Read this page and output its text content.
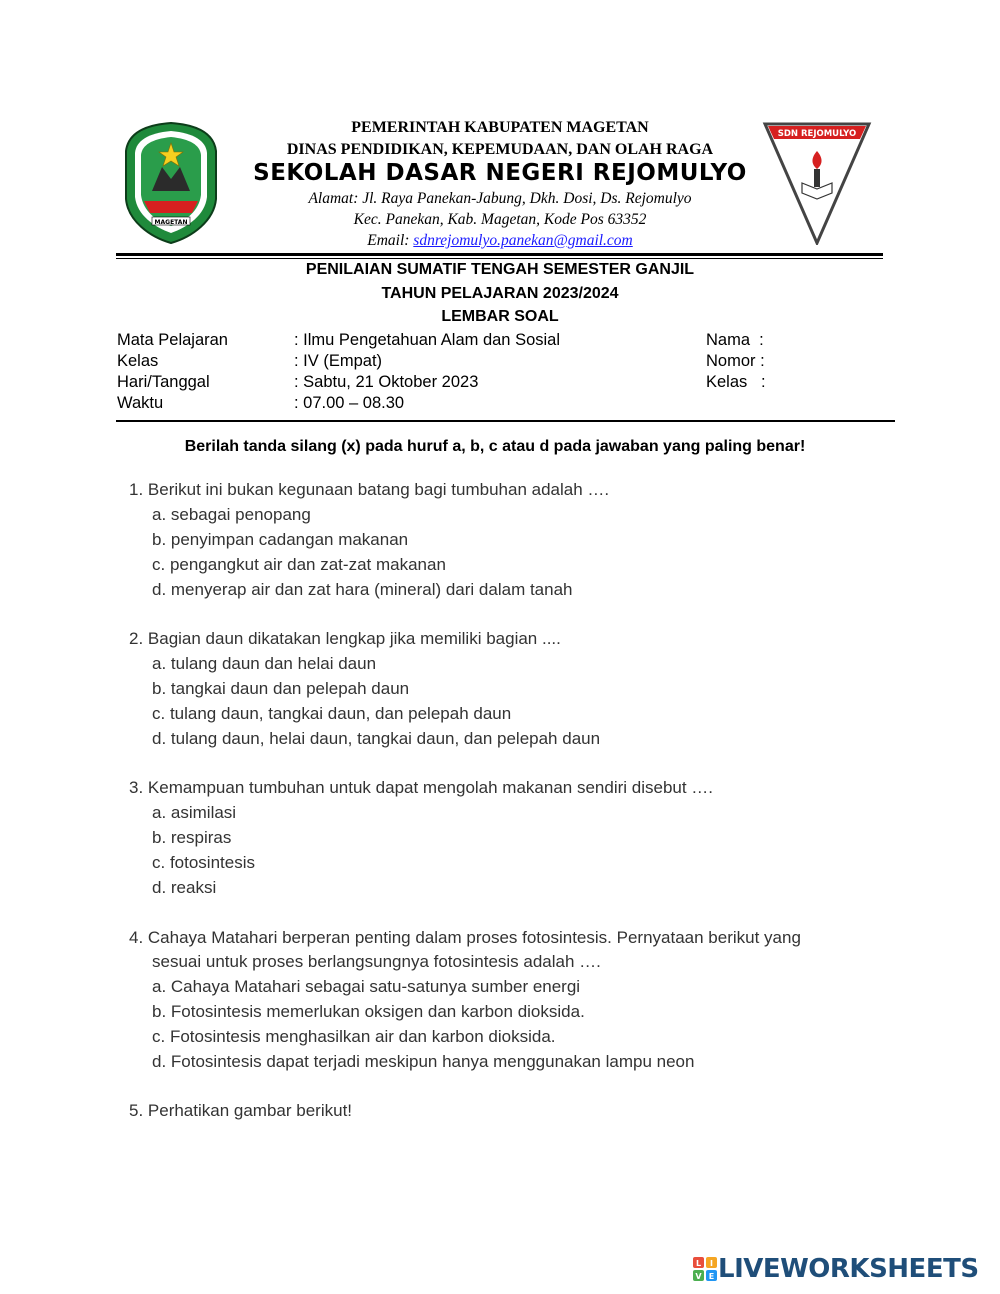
MAGETAN
SDN REJOMULYO
PEMERINTAH KABUPATEN MAGETAN
DINAS PENDIDIKAN, KEPEMUDAAN, DAN OLAH RAGA
SEKOLAH DASAR NEGERI REJOMULYO
Alamat: Jl. Raya Panekan-Jabung, Dkh. Dosi, Ds. Rejomulyo
Kec. Panekan, Kab. Magetan, Kode Pos 63352
Email: sdnrejomulyo.panekan@gmail.com
PENILAIAN SUMATIF TENGAH SEMESTER GANJIL
TAHUN PELAJARAN 2023/2024
LEMBAR SOAL
Mata Pelajaran	: Ilmu Pengetahuan Alam dan Sosial	Nama  :
Kelas	: IV (Empat)	Nomor :
Hari/Tanggal	: Sabtu, 21 Oktober 2023	Kelas   :
Waktu	: 07.00 – 08.30
Berilah tanda silang (x) pada huruf a, b, c atau d pada jawaban yang paling benar!
1. Berikut ini bukan kegunaan batang bagi tumbuhan adalah ….
a. sebagai penopang
b. penyimpan cadangan makanan
c. pengangkut air dan zat-zat makanan
d. menyerap air dan zat hara (mineral) dari dalam tanah
2. Bagian daun dikatakan lengkap jika memiliki bagian ....
a. tulang daun dan helai daun
b. tangkai daun dan pelepah daun
c. tulang daun, tangkai daun, dan pelepah daun
d. tulang daun, helai daun, tangkai daun, dan pelepah daun
3. Kemampuan tumbuhan untuk dapat mengolah makanan sendiri disebut ….
a. asimilasi
b. respiras
c. fotosintesis
d. reaksi
4. Cahaya Matahari berperan penting dalam proses fotosintesis. Pernyataan berikut yang
sesuai untuk proses berlangsungnya fotosintesis adalah ….
a. Cahaya Matahari sebagai satu-satunya sumber energi
b. Fotosintesis memerlukan oksigen dan karbon dioksida.
c. Fotosintesis menghasilkan air dan karbon dioksida.
d. Fotosintesis dapat terjadi meskipun hanya menggunakan lampu neon
5. Perhatikan gambar berikut!
L I
V E LIVEWORKSHEETS
